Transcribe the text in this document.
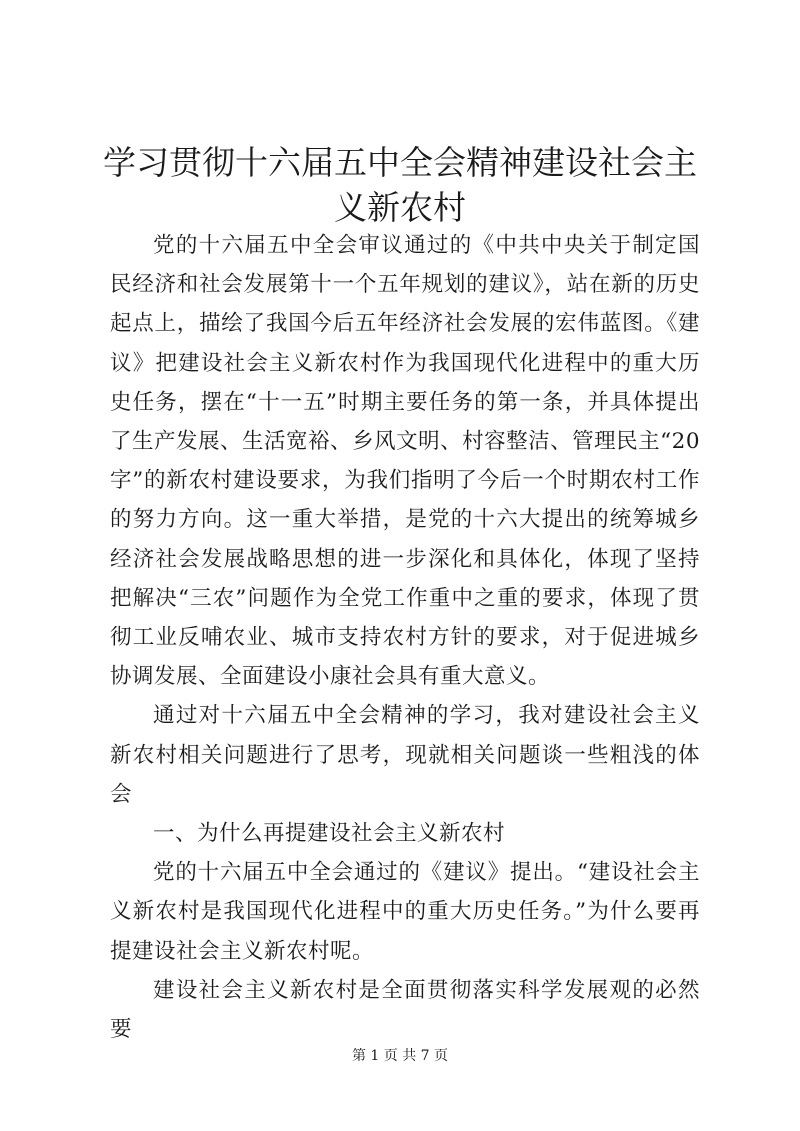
学习贯彻十六届五中全会精神建设社会主义新农村

党的十六届五中全会审议通过的《中共中央关于制定国民经济和社会发展第十一个五年规划的建议》，站在新的历史起点上，描绘了我国今后五年经济社会发展的宏伟蓝图。《建议》把建设社会主义新农村作为我国现代化进程中的重大历史任务，摆在“十一五”时期主要任务的第一条，并具体提出了生产发展、生活宽裕、乡风文明、村容整洁、管理民主“20字”的新农村建设要求，为我们指明了今后一个时期农村工作的努力方向。这一重大举措，是党的十六大提出的统筹城乡经济社会发展战略思想的进一步深化和具体化，体现了坚持把解决“三农”问题作为全党工作重中之重的要求，体现了贯彻工业反哺农业、城市支持农村方针的要求，对于促进城乡协调发展、全面建设小康社会具有重大意义。

通过对十六届五中全会精神的学习，我对建设社会主义新农村相关问题进行了思考，现就相关问题谈一些粗浅的体会

一、为什么再提建设社会主义新农村

党的十六届五中全会通过的《建议》提出。“建设社会主义新农村是我国现代化进程中的重大历史任务。”为什么要再提建设社会主义新农村呢。

建设社会主义新农村是全面贯彻落实科学发展观的必然要

第 1 页 共 7 页
